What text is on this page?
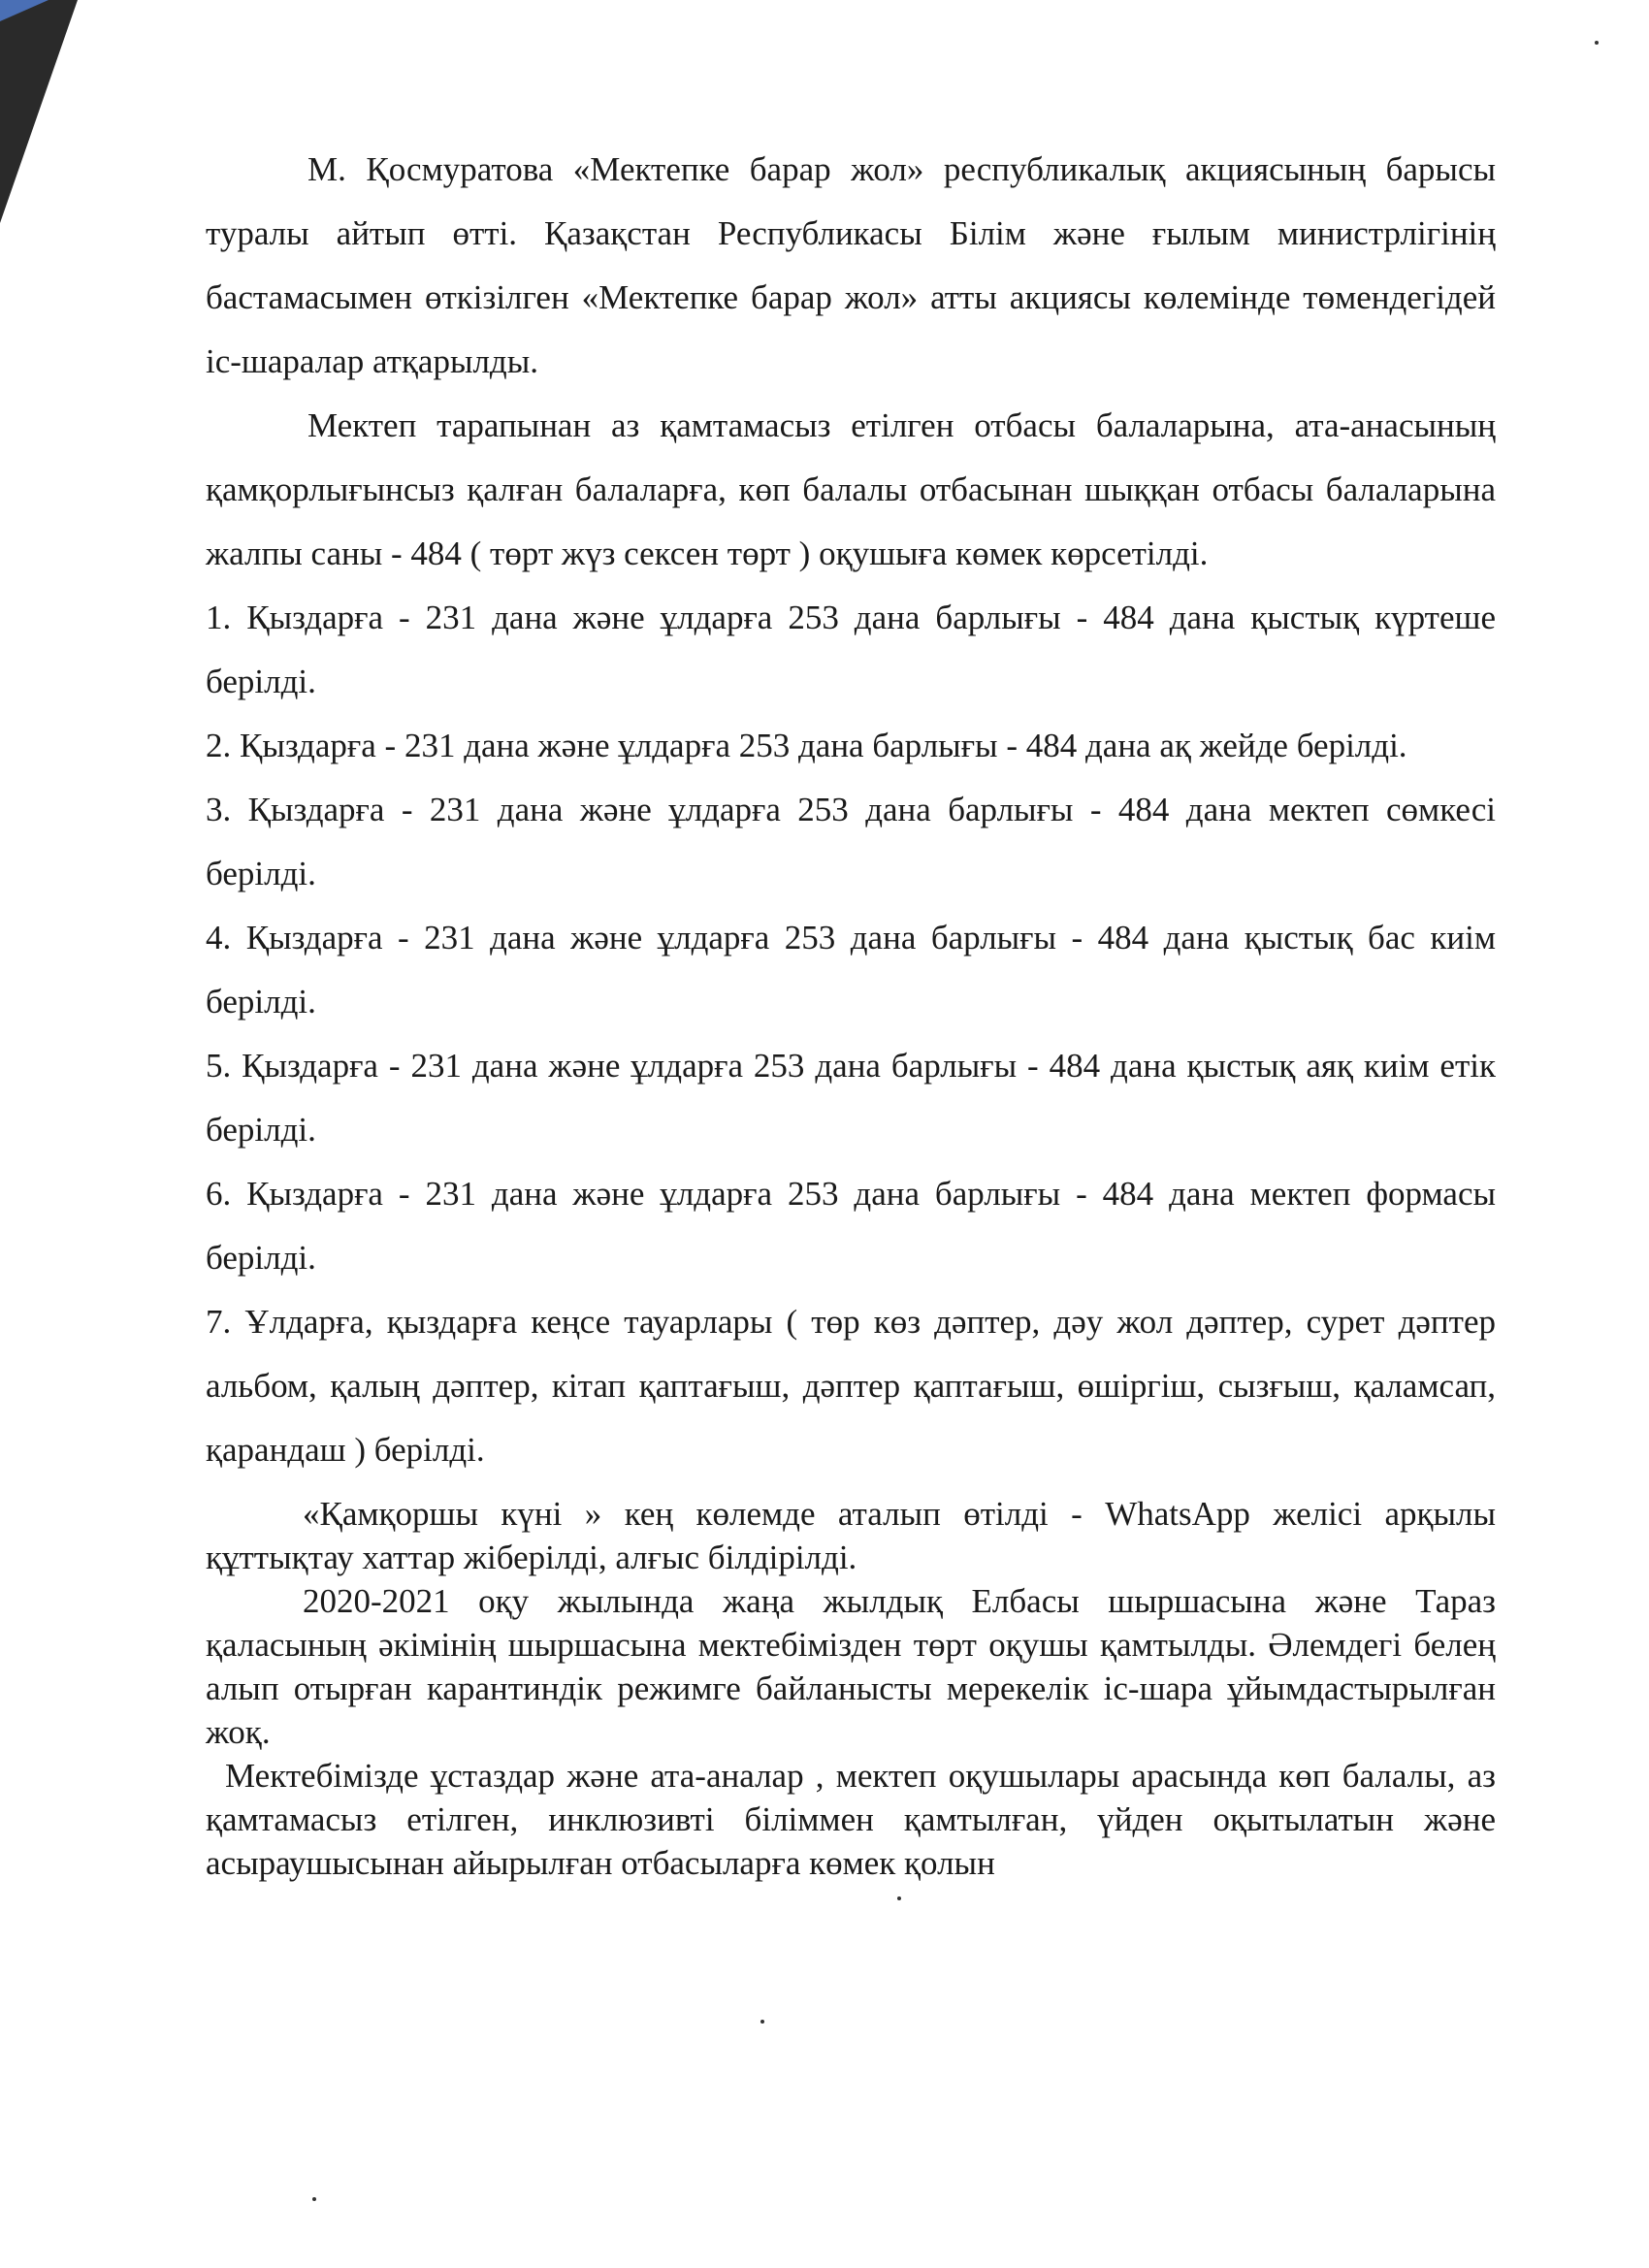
М. Қосмуратова «Мектепке барар жол» республикалық акциясының барысы туралы айтып өтті. Қазақстан Республикасы Білім және ғылым министрлігінің бастамасымен өткізілген «Мектепке барар жол» атты акциясы көлемінде төмендегідей іс-шаралар атқарылды.

Мектеп тарапынан аз қамтамасыз етілген отбасы балаларына, ата-анасының қамқорлығынсыз қалған балаларға, көп балалы отбасынан шыққан отбасы балаларына жалпы саны - 484 ( төрт жүз сексен төрт ) оқушыға көмек көрсетілді.

1. Қыздарға - 231 дана және ұлдарға 253 дана барлығы - 484 дана қыстық күртеше берілді.

2. Қыздарға - 231 дана және ұлдарға 253 дана барлығы - 484 дана ақ жейде берілді.

3. Қыздарға - 231 дана және ұлдарға 253 дана барлығы - 484 дана мектеп сөмкесі берілді.

4. Қыздарға - 231 дана және ұлдарға 253 дана барлығы - 484 дана қыстық бас киім берілді.

5. Қыздарға - 231 дана және ұлдарға 253 дана барлығы - 484 дана қыстық аяқ киім етік берілді.

6. Қыздарға - 231 дана және ұлдарға 253 дана барлығы - 484 дана мектеп формасы берілді.

7. Ұлдарға, қыздарға кеңсе тауарлары ( төр көз дәптер, дәу жол дәптер, сурет дәптер альбом, қалың дәптер, кітап қаптағыш, дәптер қаптағыш, өшіргіш, сызғыш, қаламсап, қарандаш ) берілді.

«Қамқоршы күні » кең көлемде аталып өтілді - WhatsApp желісі арқылы құттықтау хаттар жіберілді, алғыс білдірілді.

2020-2021 оқу жылында жаңа жылдық Елбасы шыршасына және Тараз қаласының әкімінің шыршасына мектебімізден төрт оқушы қамтылды. Әлемдегі белең алып отырған карантиндік режимге байланысты мерекелік іс-шара ұйымдастырылған жоқ.

Мектебімізде ұстаздар және ата-аналар , мектеп оқушылары арасында көп балалы, аз қамтамасыз етілген, инклюзивті біліммен қамтылған, үйден оқытылатын және асыраушысынан айырылған отбасыларға көмек қолын
